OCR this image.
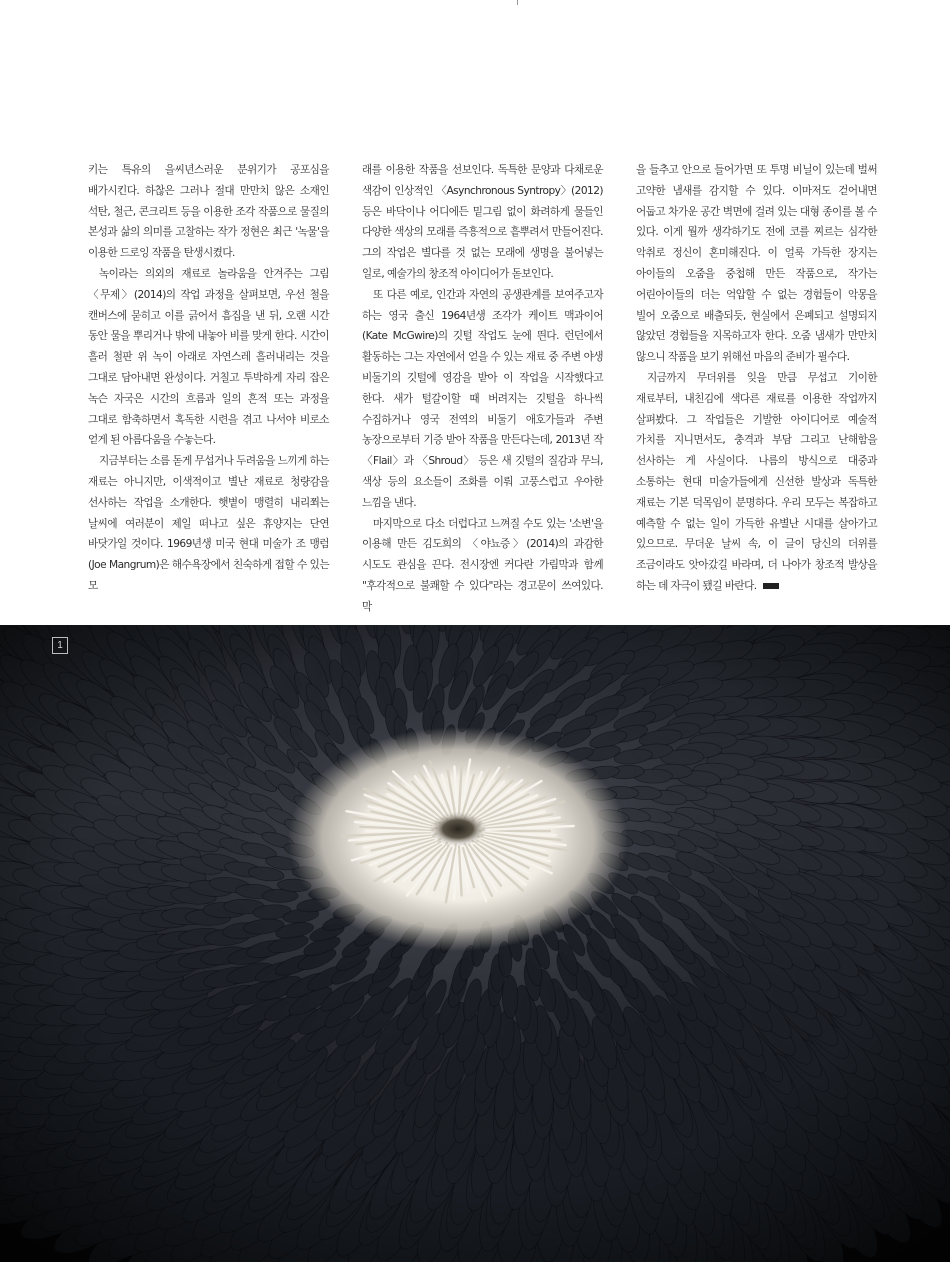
키는 특유의 을씨년스러운 분위기가 공포심을 배가시킨다. 하찮은 그러나 절대 만만치 않은 소재인 석탄, 철근, 콘크리트 등을 이용한 조각 작품으로 물질의 본성과 삶의 의미를 고찰하는 작가 정현은 최근 '녹물'을 이용한 드로잉 작품을 탄생시켰다.

녹이라는 의외의 재료로 놀라움을 안겨주는 그림 〈무제〉(2014)의 작업 과정을 살펴보면, 우선 철을 캔버스에 묻히고 이를 긁어서 흠집을 낸 뒤, 오랜 시간 동안 물을 뿌리거나 밖에 내놓아 비를 맞게 한다. 시간이 흘러 철판 위 녹이 아래로 자연스레 흘러내리는 것을 그대로 담아내면 완성이다. 거칠고 투박하게 자리 잡은 녹슨 자국은 시간의 흐름과 일의 흔적 또는 과정을 그대로 함축하면서 혹독한 시련을 겪고 나서야 비로소 얻게 된 아름다움을 수놓는다.

지금부터는 소름 돋게 무섭거나 두려움을 느끼게 하는 재료는 아니지만, 이색적이고 별난 재료로 청량감을 선사하는 작업을 소개한다. 햇볕이 맹렬히 내리쬐는 날씨에 여러분이 제일 떠나고 싶은 휴양지는 단연 바닷가일 것이다. 1969년생 미국 현대 미술가 조 맹럼(Joe Mangrum)은 해수욕장에서 친숙하게 접할 수 있는 모

래를 이용한 작품을 선보인다. 독특한 문양과 다채로운 색감이 인상적인 〈Asynchronous Syntropy〉(2012) 등은 바닥이나 어디에든 밑그림 없이 화려하게 물들인 다양한 색상의 모래를 즉흥적으로 흩뿌려서 만들어진다. 그의 작업은 별다를 것 없는 모래에 생명을 불어넣는 일로, 예술가의 창조적 아이디어가 돋보인다.

또 다른 예로, 인간과 자연의 공생관계를 보여주고자 하는 영국 출신 1964년생 조각가 케이트 맥과이어(Kate McGwire)의 깃털 작업도 눈에 띈다. 런던에서 활동하는 그는 자연에서 얻을 수 있는 재료 중 주변 야생 비둘기의 깃털에 영감을 받아 이 작업을 시작했다고 한다. 새가 털갈이할 때 버려지는 깃털을 하나씩 수집하거나 영국 전역의 비둘기 애호가들과 주변 농장으로부터 기증 받아 작품을 만든다는데, 2013년 작 〈Flail〉과 〈Shroud〉 등은 새 깃털의 질감과 무늬, 색상 등의 요소들이 조화를 이뤄 고풍스럽고 우아한 느낌을 낸다.

마지막으로 다소 더럽다고 느껴질 수도 있는 '소변'을 이용해 만든 김도희의 〈야뇨증〉(2014)의 과감한 시도도 관심을 끈다. 전시장엔 커다란 가림막과 함께 "후각적으로 불쾌할 수 있다"라는 경고문이 쓰여있다. 막

을 들추고 안으로 들어가면 또 투명 비닐이 있는데 벌써 고약한 냄새를 감지할 수 있다. 이마저도 걷어내면 어둡고 차가운 공간 벽면에 걸려 있는 대형 종이를 볼 수 있다. 이게 뭘까 생각하기도 전에 코를 찌르는 심각한 악취로 정신이 혼미해진다. 이 얼룩 가득한 장지는 아이들의 오줌을 중첩해 만든 작품으로, 작가는 어린아이들의 더는 억압할 수 없는 경험들이 악몽을 빌어 오줌으로 배출되듯, 현실에서 은폐되고 설명되지 않았던 경험들을 지목하고자 한다. 오줌 냄새가 만만치 않으니 작품을 보기 위해선 마음의 준비가 필수다.

지금까지 무더위를 잊을 만큼 무섭고 기이한 재료부터, 내친김에 색다른 재료를 이용한 작업까지 살펴봤다. 그 작업들은 기발한 아이디어로 예술적 가치를 지니면서도, 충격과 부담 그리고 난해함을 선사하는 게 사실이다. 나름의 방식으로 대중과 소통하는 현대 미술가들에게 신선한 발상과 독특한 재료는 기본 덕목임이 분명하다. 우리 모두는 복잡하고 예측할 수 없는 일이 가득한 유별난 시대를 살아가고 있으므로. 무더운 날씨 속, 이 글이 당신의 더위를 조금이라도 앗아갔길 바라며, 더 나아가 창조적 발상을 하는 데 자극이 됐길 바란다.

1
